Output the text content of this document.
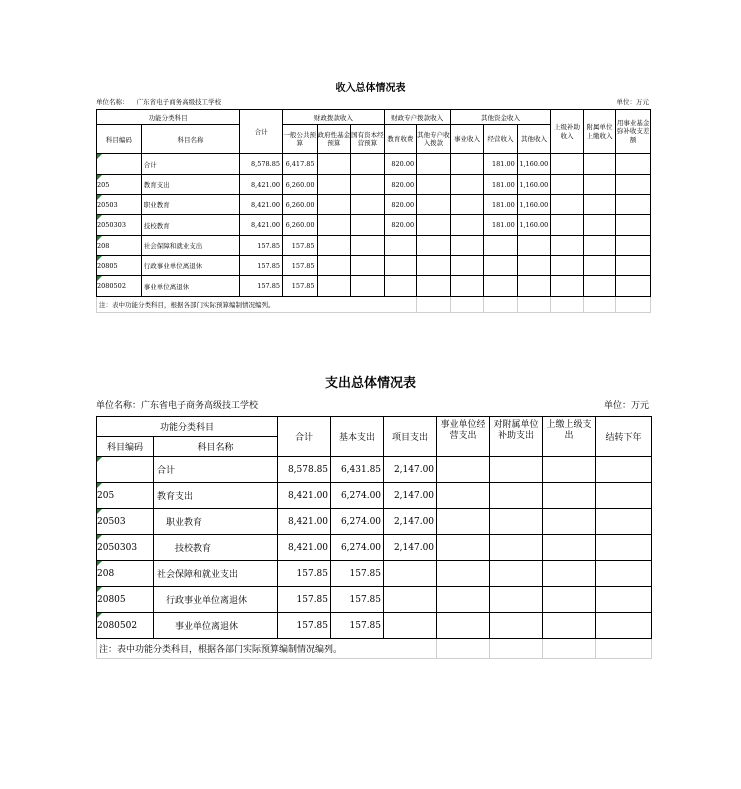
收入总体情况表
单位名称： 广东省电子商务高级技工学校	单位：万元
功能分类科目		合计	财政拨款收入			财政专户拨款收入		其他资金收入			上级补助收入	附属单位上缴收入	用事业基金弥补收支差额
科目编码	科目名称		一般公共预算	政府性基金预算	国有资本经营预算	教育收费	其他专户收入拨款	事业收入	经营收入	其他收入			
	合计	8,578.85	6,417.85			820.00			181.00	1,160.00			
205	教育支出	8,421.00	6,260.00			820.00			181.00	1,160.00			
20503	职业教育	8,421.00	6,260.00			820.00			181.00	1,160.00			
2050303	技校教育	8,421.00	6,260.00			820.00			181.00	1,160.00			
208	社会保障和就业支出	157.85	157.85										
20805	行政事业单位离退休	157.85	157.85										
2080502	事业单位离退休	157.85	157.85										
注：表中功能分类科目，根据各部门实际预算编制情况编列。													
支出总体情况表
单位名称：广东省电子商务高级技工学校	单位：万元
功能分类科目		合计	基本支出	项目支出	事业单位经营支出	对附属单位补助支出	上缴上级支出	结转下年
科目编码	科目名称							
	合计	8,578.85	6,431.85	2,147.00				
205	教育支出	8,421.00	6,274.00	2,147.00				
20503	职业教育	8,421.00	6,274.00	2,147.00				
2050303	技校教育	8,421.00	6,274.00	2,147.00				
208	社会保障和就业支出	157.85	157.85					
20805	行政事业单位离退休	157.85	157.85					
2080502	事业单位离退休	157.85	157.85					
注：表中功能分类科目，根据各部门实际预算编制情况编列。								
